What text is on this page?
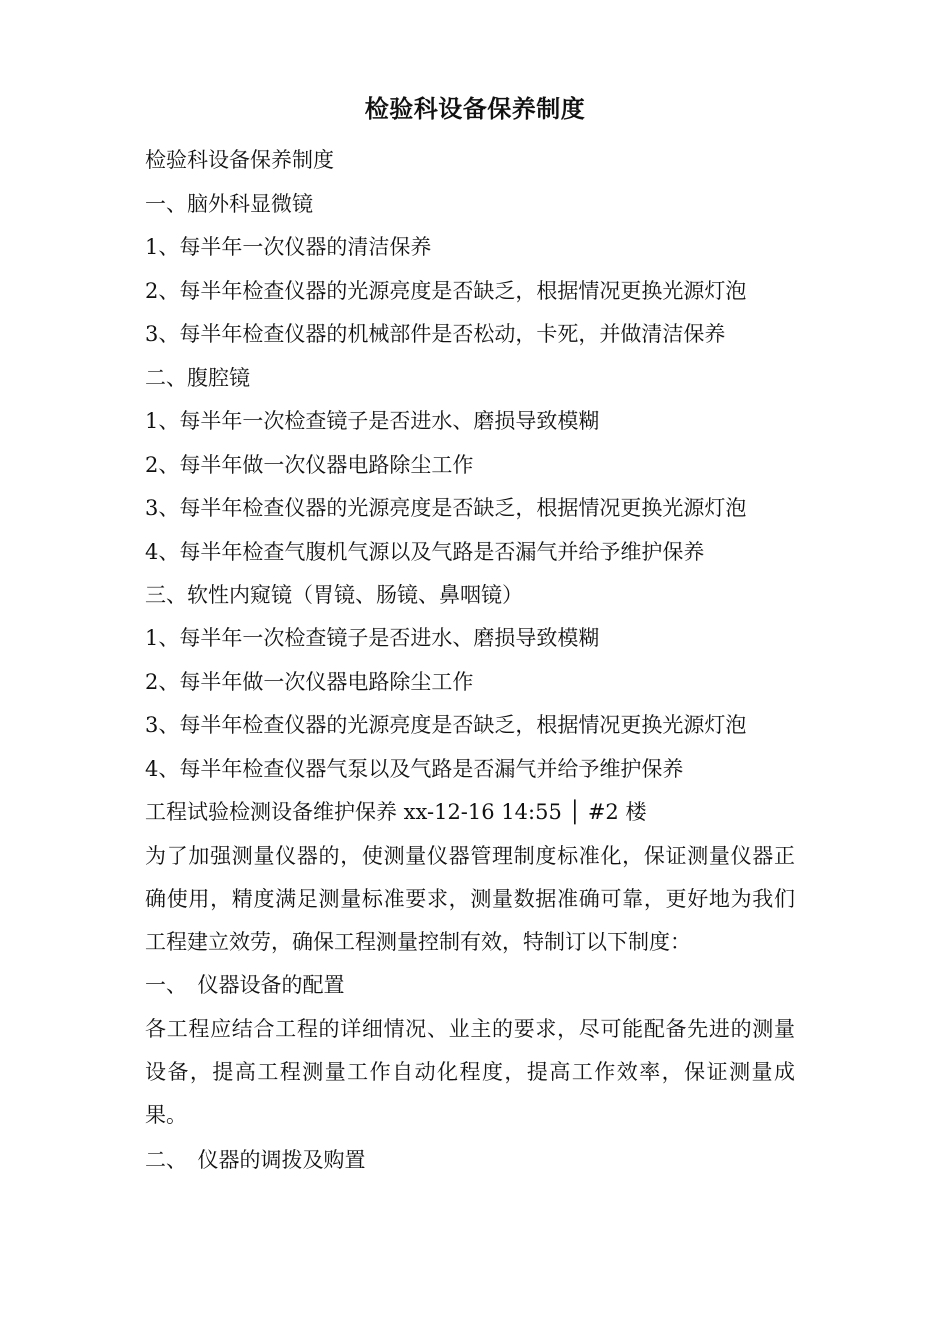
检验科设备保养制度
检验科设备保养制度
一、脑外科显微镜
1、每半年一次仪器的清洁保养
2、每半年检查仪器的光源亮度是否缺乏，根据情况更换光源灯泡
3、每半年检查仪器的机械部件是否松动，卡死，并做清洁保养
二、腹腔镜
1、每半年一次检查镜子是否进水、磨损导致模糊
2、每半年做一次仪器电路除尘工作
3、每半年检查仪器的光源亮度是否缺乏，根据情况更换光源灯泡
4、每半年检查气腹机气源以及气路是否漏气并给予维护保养
三、软性内窥镜（胃镜、肠镜、鼻咽镜）
1、每半年一次检查镜子是否进水、磨损导致模糊
2、每半年做一次仪器电路除尘工作
3、每半年检查仪器的光源亮度是否缺乏，根据情况更换光源灯泡
4、每半年检查仪器气泵以及气路是否漏气并给予维护保养
工程试验检测设备维护保养 xx-12-16 14:55 │ #2 楼
为了加强测量仪器的，使测量仪器管理制度标准化，保证测量仪器正确使用，精度满足测量标准要求，测量数据准确可靠，更好地为我们工程建立效劳，确保工程测量控制有效，特制订以下制度：
一、　仪器设备的配置
各工程应结合工程的详细情况、业主的要求，尽可能配备先进的测量设备，提高工程测量工作自动化程度，提高工作效率，保证测量成果。
二、　仪器的调拨及购置
